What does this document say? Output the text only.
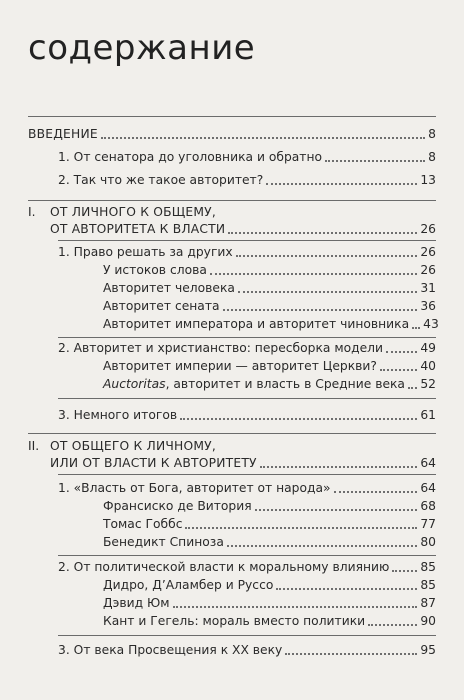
содержание
ВВЕДЕНИЕ	8
1. От сенатора до уголовника и обратно	8
2. Так что же такое авторитет?	13
I. ОТ ЛИЧНОГО К ОБЩЕМУ,
ОТ АВТОРИТЕТА К ВЛАСТИ	26
1. Право решать за других	26
У истоков слова	26
Авторитет человека	31
Авторитет сената	36
Авторитет императора и авторитет чиновника 43
2. Авторитет и христианство: пересборка модели	49
Авторитет империи — авторитет Церкви?	40
Auctoritas, авторитет и власть в Средние века 52
3. Немного итогов	61
II. ОТ ОБЩЕГО К ЛИЧНОМУ,
ИЛИ ОТ ВЛАСТИ К АВТОРИТЕТУ	64
1. «Власть от Бога, авторитет от народа»	64
Франсиско де Витория	68
Томас Гоббс	77
Бенедикт Спиноза	80
2. От политической власти к моральному влиянию	85
Дидро, Д’Аламбер и Руссо	85
Дэвид Юм	87
Кант и Гегель: мораль вместо политики	90
3. От века Просвещения к XX веку	95
